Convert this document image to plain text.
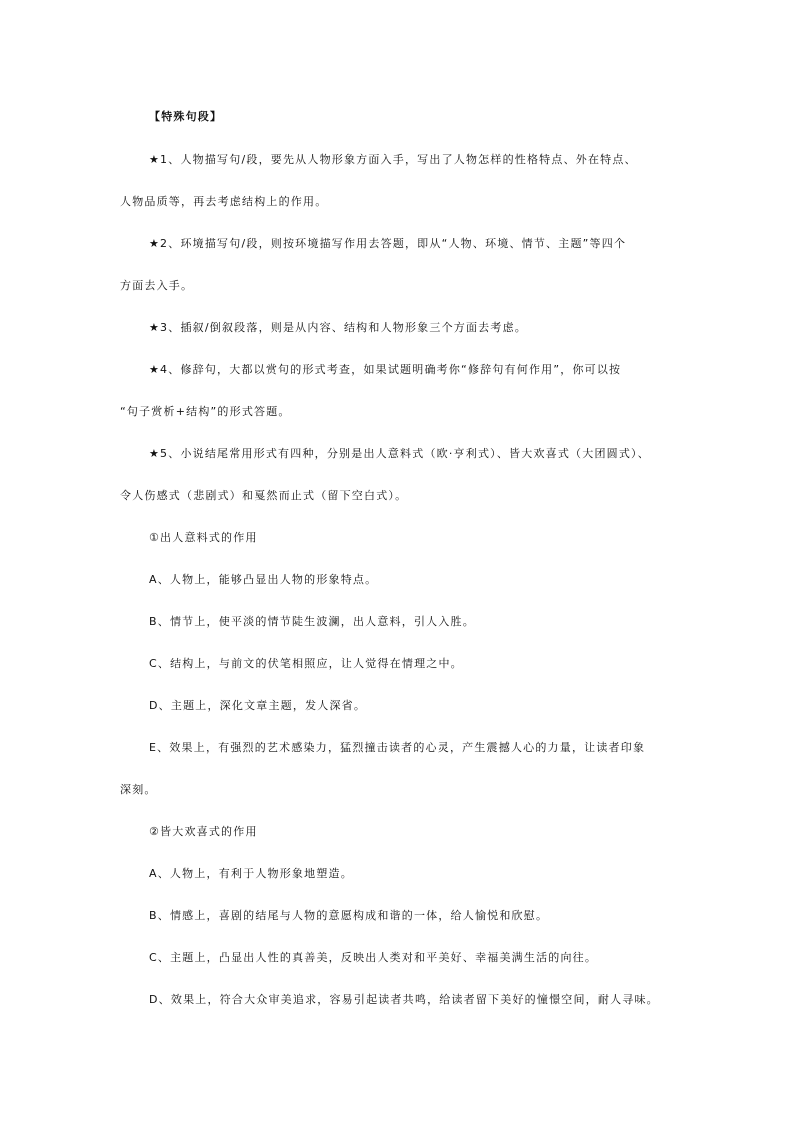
【特殊句段】
★1、人物描写句/段，要先从人物形象方面入手，写出了人物怎样的性格特点、外在特点、
人物品质等，再去考虑结构上的作用。
★2、环境描写句/段，则按环境描写作用去答题，即从“人物、环境、情节、主题”等四个
方面去入手。
★3、插叙/倒叙段落，则是从内容、结构和人物形象三个方面去考虑。
★4、修辞句，大都以赏句的形式考查，如果试题明确考你“修辞句有何作用”，你可以按
“句子赏析+结构”的形式答题。
★5、小说结尾常用形式有四种，分别是出人意料式（欧·亨利式）、皆大欢喜式（大团圆式）、
令人伤感式（悲剧式）和戛然而止式（留下空白式）。
①出人意料式的作用
A、人物上，能够凸显出人物的形象特点。
B、情节上，使平淡的情节陡生波澜，出人意料，引人入胜。
C、结构上，与前文的伏笔相照应，让人觉得在情理之中。
D、主题上，深化文章主题，发人深省。
E、效果上，有强烈的艺术感染力，猛烈撞击读者的心灵，产生震撼人心的力量，让读者印象
深刻。
②皆大欢喜式的作用
A、人物上，有利于人物形象地塑造。
B、情感上，喜剧的结尾与人物的意愿构成和谐的一体，给人愉悦和欣慰。
C、主题上，凸显出人性的真善美，反映出人类对和平美好、幸福美满生活的向往。
D、效果上，符合大众审美追求，容易引起读者共鸣，给读者留下美好的憧憬空间，耐人寻味。
